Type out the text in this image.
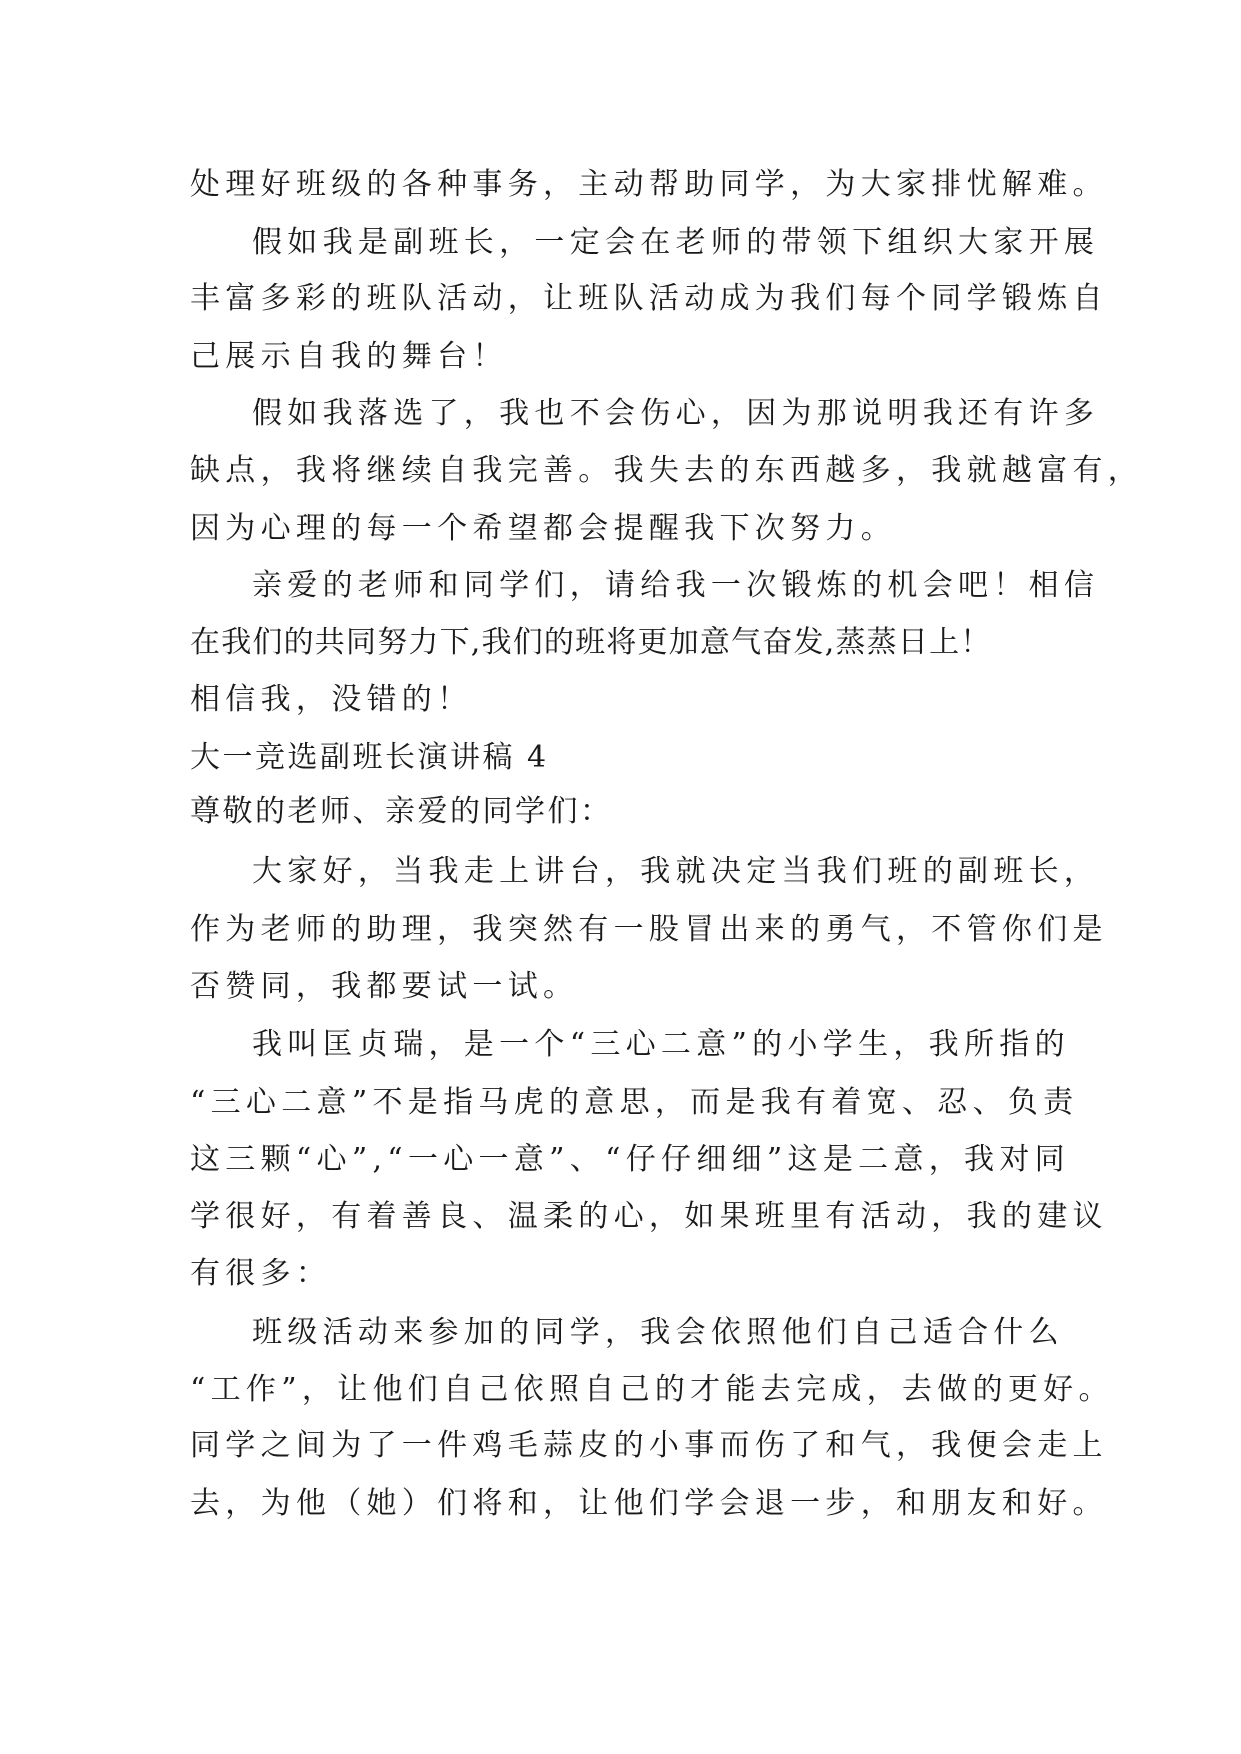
处理好班级的各种事务，主动帮助同学，为大家排忧解难。
假如我是副班长，一定会在老师的带领下组织大家开展
丰富多彩的班队活动，让班队活动成为我们每个同学锻炼自
己展示自我的舞台！
假如我落选了，我也不会伤心，因为那说明我还有许多
缺点，我将继续自我完善。我失去的东西越多，我就越富有，
因为心理的每一个希望都会提醒我下次努力。
亲爱的老师和同学们，请给我一次锻炼的机会吧！相信
在我们的共同努力下,我们的班将更加意气奋发,蒸蒸日上！
相信我，没错的！
大一竞选副班长演讲稿 4
尊敬的老师、亲爱的同学们：
大家好，当我走上讲台，我就决定当我们班的副班长，
作为老师的助理，我突然有一股冒出来的勇气，不管你们是
否赞同，我都要试一试。
我叫匡贞瑞，是一个“三心二意”的小学生，我所指的
“三心二意”不是指马虎的意思，而是我有着宽、忍、负责
这三颗“心”,“一心一意”、“仔仔细细”这是二意，我对同
学很好，有着善良、温柔的心，如果班里有活动，我的建议
有很多：
班级活动来参加的同学，我会依照他们自己适合什么
“工作”，让他们自己依照自己的才能去完成，去做的更好。
同学之间为了一件鸡毛蒜皮的小事而伤了和气，我便会走上
去，为他（她）们将和，让他们学会退一步，和朋友和好。
